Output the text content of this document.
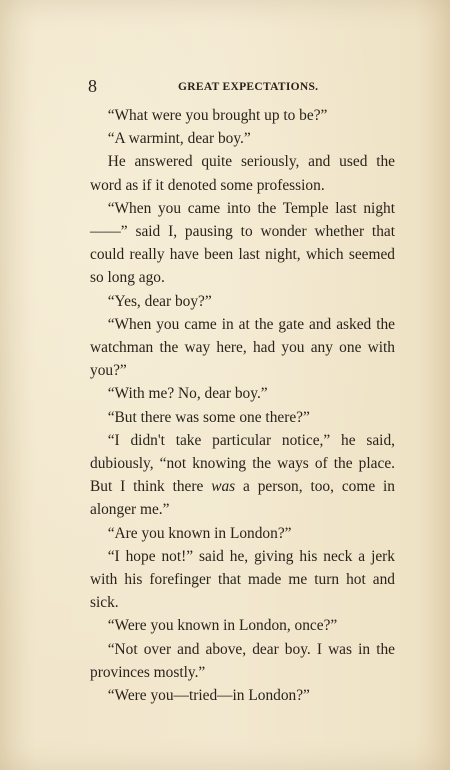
8	GREAT EXPECTATIONS.

“What were you brought up to be?”

“A warmint, dear boy.”

He answered quite seriously, and used the word as if it denoted some profession.

“When you came into the Temple last night——” said I, pausing to wonder whether that could really have been last night, which seemed so long ago.

“Yes, dear boy?”

“When you came in at the gate and asked the watchman the way here, had you any one with you?”

“With me? No, dear boy.”

“But there was some one there?”

“I didn't take particular notice,” he said, dubiously, “not knowing the ways of the place. But I think there was a person, too, come in alonger me.”

“Are you known in London?”

“I hope not!” said he, giving his neck a jerk with his forefinger that made me turn hot and sick.

“Were you known in London, once?”

“Not over and above, dear boy. I was in the provinces mostly.”

“Were you—tried—in London?”
